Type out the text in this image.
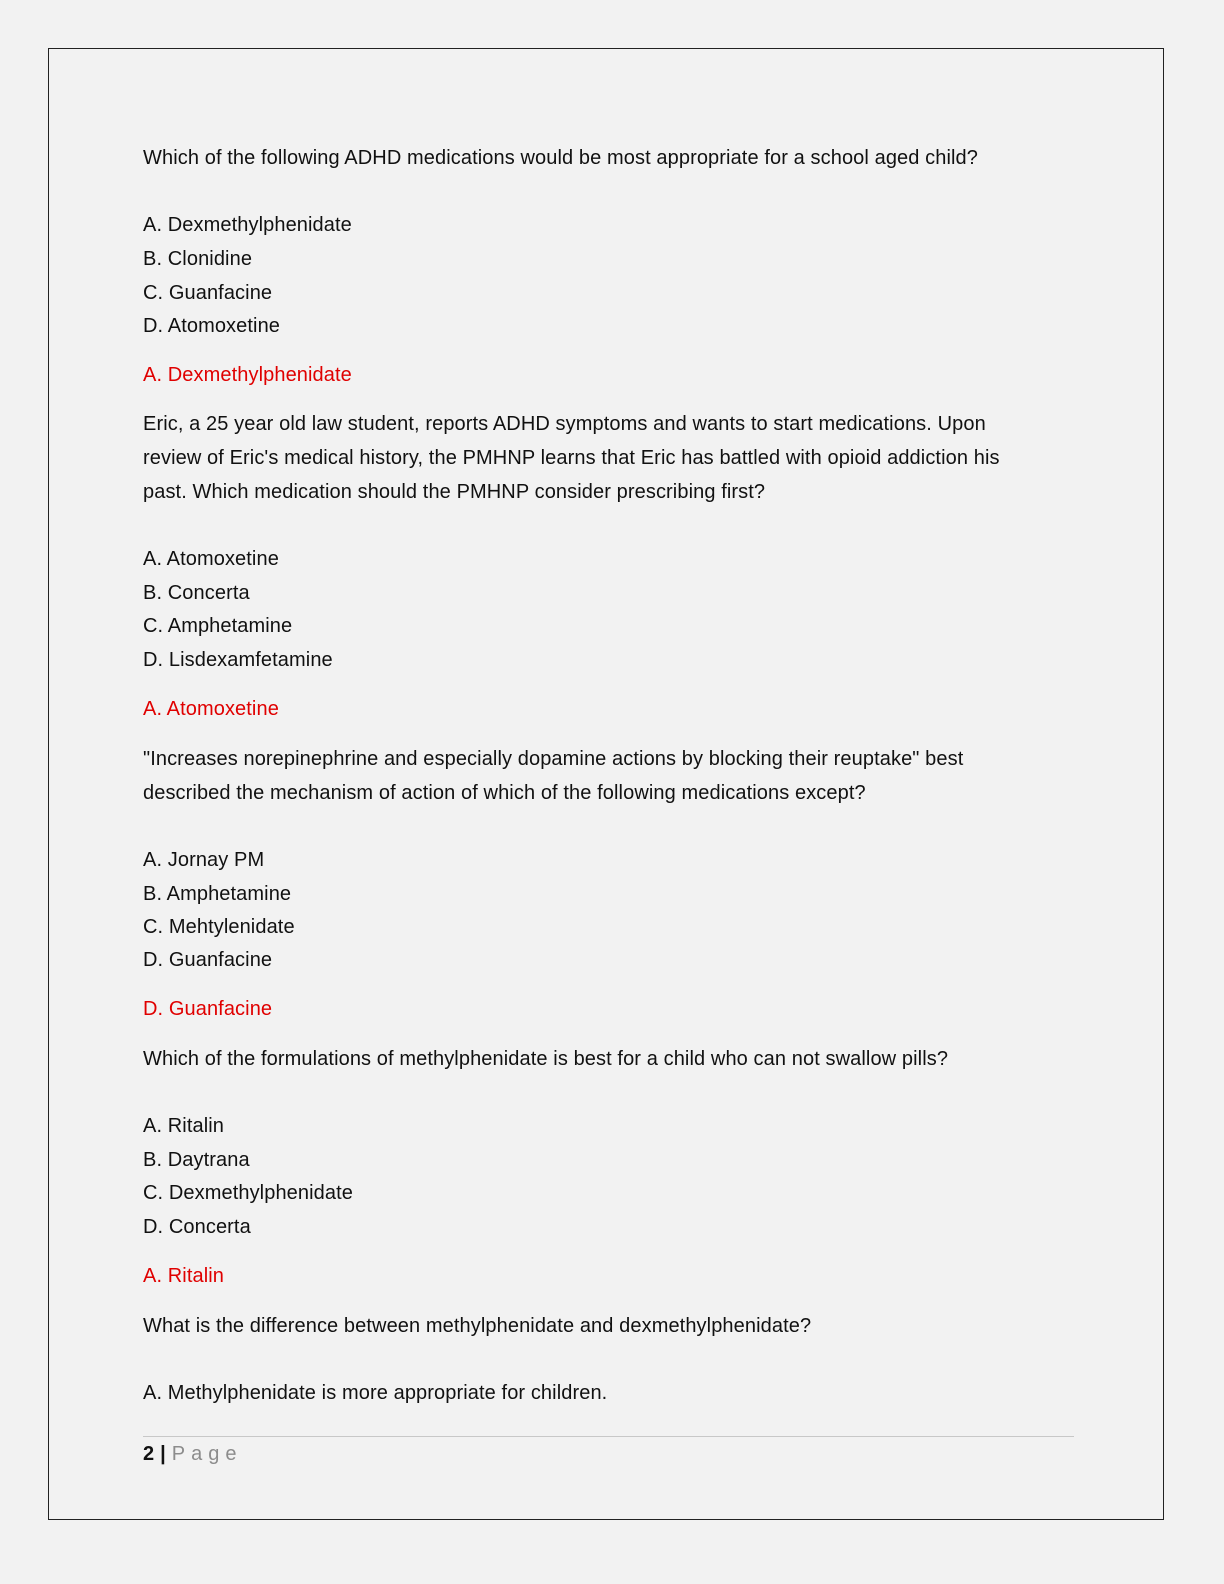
Which of the following ADHD medications would be most appropriate for a school aged child?
A. Dexmethylphenidate
B. Clonidine
C. Guanfacine
D. Atomoxetine
A. Dexmethylphenidate
Eric, a 25 year old law student, reports ADHD symptoms and wants to start medications. Upon
review of Eric's medical history, the PMHNP learns that Eric has battled with opioid addiction his
past. Which medication should the PMHNP consider prescribing first?
A. Atomoxetine
B. Concerta
C. Amphetamine
D. Lisdexamfetamine
A. Atomoxetine
"Increases norepinephrine and especially dopamine actions by blocking their reuptake" best
described the mechanism of action of which of the following medications except?
A. Jornay PM
B. Amphetamine
C. Mehtylenidate
D. Guanfacine
D. Guanfacine
Which of the formulations of methylphenidate is best for a child who can not swallow pills?
A. Ritalin
B. Daytrana
C. Dexmethylphenidate
D. Concerta
A. Ritalin
What is the difference between methylphenidate and dexmethylphenidate?
A. Methylphenidate is more appropriate for children.
2 | Page
